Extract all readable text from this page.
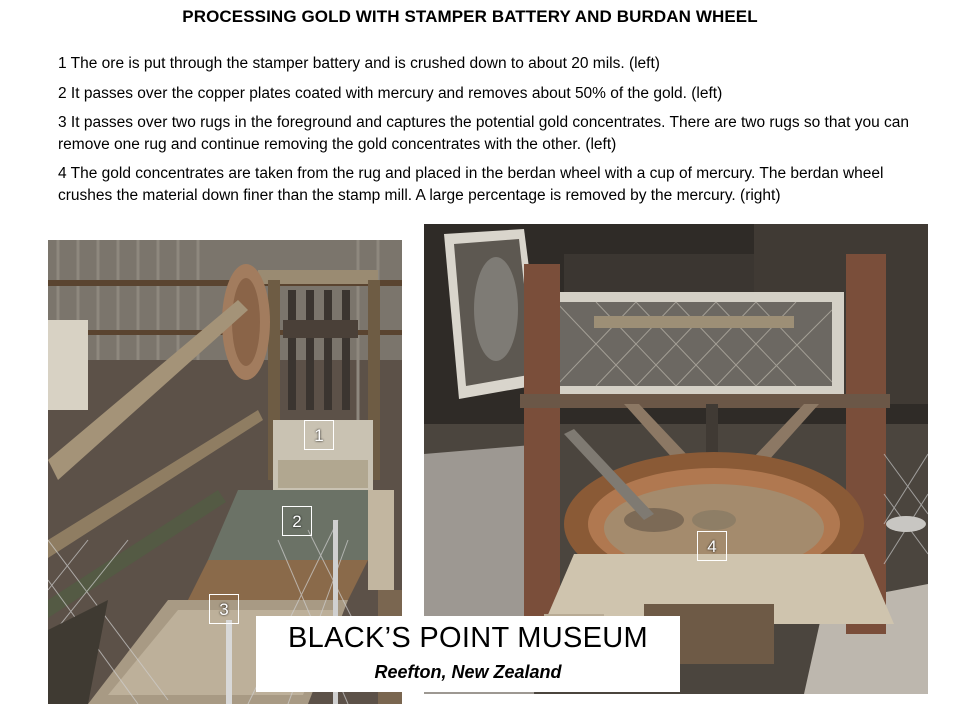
PROCESSING GOLD WITH STAMPER BATTERY AND BURDAN WHEEL
1 The ore is put through the stamper battery and is crushed down to about 20 mils. (left)
2 It passes over the copper plates coated with mercury and removes about 50% of the gold. (left)
3 It passes over two rugs in the foreground and captures the potential gold concentrates. There are two rugs so that you can remove one rug and continue removing the gold concentrates with the other. (left)
4 The gold concentrates are taken from the rug and placed in the berdan wheel with a cup of mercury. The berdan wheel crushes the material down finer than the stamp mill. A large percentage is removed by the mercury. (right)
1
2
3
4
BLACK’S POINT MUSEUM
Reefton, New Zealand
